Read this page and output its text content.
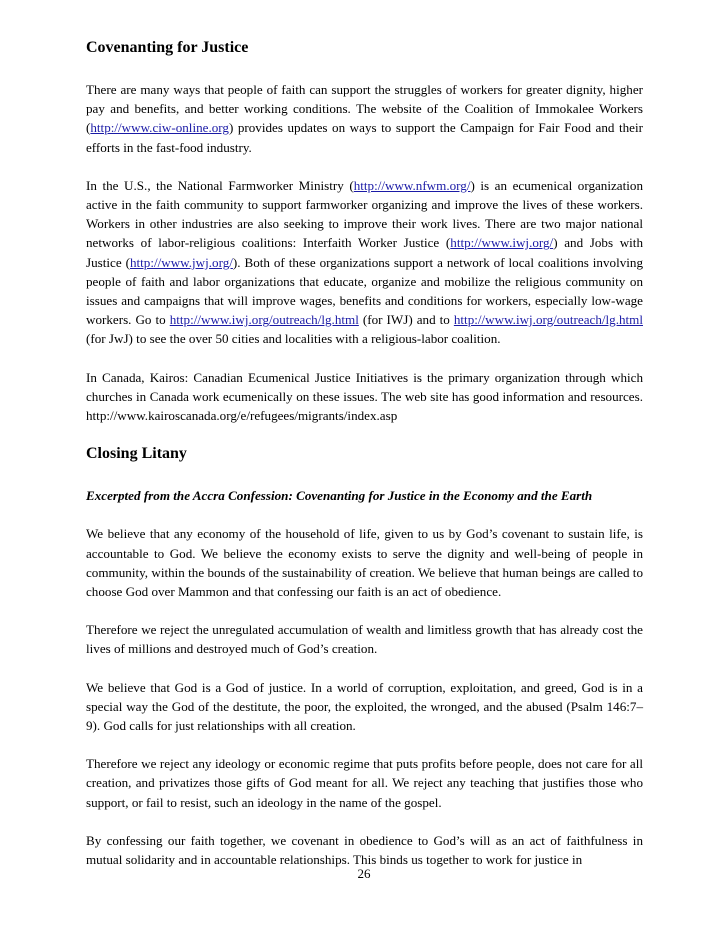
Covenanting for Justice

There are many ways that people of faith can support the struggles of workers for greater dignity, higher pay and benefits, and better working conditions. The website of the Coalition of Immokalee Workers (http://www.ciw-online.org) provides updates on ways to support the Campaign for Fair Food and their efforts in the fast-food industry.

In the U.S., the National Farmworker Ministry (http://www.nfwm.org/) is an ecumenical organization active in the faith community to support farmworker organizing and improve the lives of these workers. Workers in other industries are also seeking to improve their work lives. There are two major national networks of labor-religious coalitions: Interfaith Worker Justice (http://www.iwj.org/) and Jobs with Justice (http://www.jwj.org/). Both of these organizations support a network of local coalitions involving people of faith and labor organizations that educate, organize and mobilize the religious community on issues and campaigns that will improve wages, benefits and conditions for workers, especially low-wage workers. Go to http://www.iwj.org/outreach/lg.html (for IWJ) and to http://www.iwj.org/outreach/lg.html (for JwJ) to see the over 50 cities and localities with a religious-labor coalition.

In Canada, Kairos: Canadian Ecumenical Justice Initiatives is the primary organization through which churches in Canada work ecumenically on these issues. The web site has good information and resources. http://www.kairoscanada.org/e/refugees/migrants/index.asp

Closing Litany

Excerpted from the Accra Confession: Covenanting for Justice in the Economy and the Earth

We believe that any economy of the household of life, given to us by God’s covenant to sustain life, is accountable to God. We believe the economy exists to serve the dignity and well-being of people in community, within the bounds of the sustainability of creation. We believe that human beings are called to choose God over Mammon and that confessing our faith is an act of obedience.

Therefore we reject the unregulated accumulation of wealth and limitless growth that has already cost the lives of millions and destroyed much of God’s creation.

We believe that God is a God of justice. In a world of corruption, exploitation, and greed, God is in a special way the God of the destitute, the poor, the exploited, the wronged, and the abused (Psalm 146:7–9). God calls for just relationships with all creation.

Therefore we reject any ideology or economic regime that puts profits before people, does not care for all creation, and privatizes those gifts of God meant for all. We reject any teaching that justifies those who support, or fail to resist, such an ideology in the name of the gospel.

By confessing our faith together, we covenant in obedience to God’s will as an act of faithfulness in mutual solidarity and in accountable relationships. This binds us together to work for justice in

26
